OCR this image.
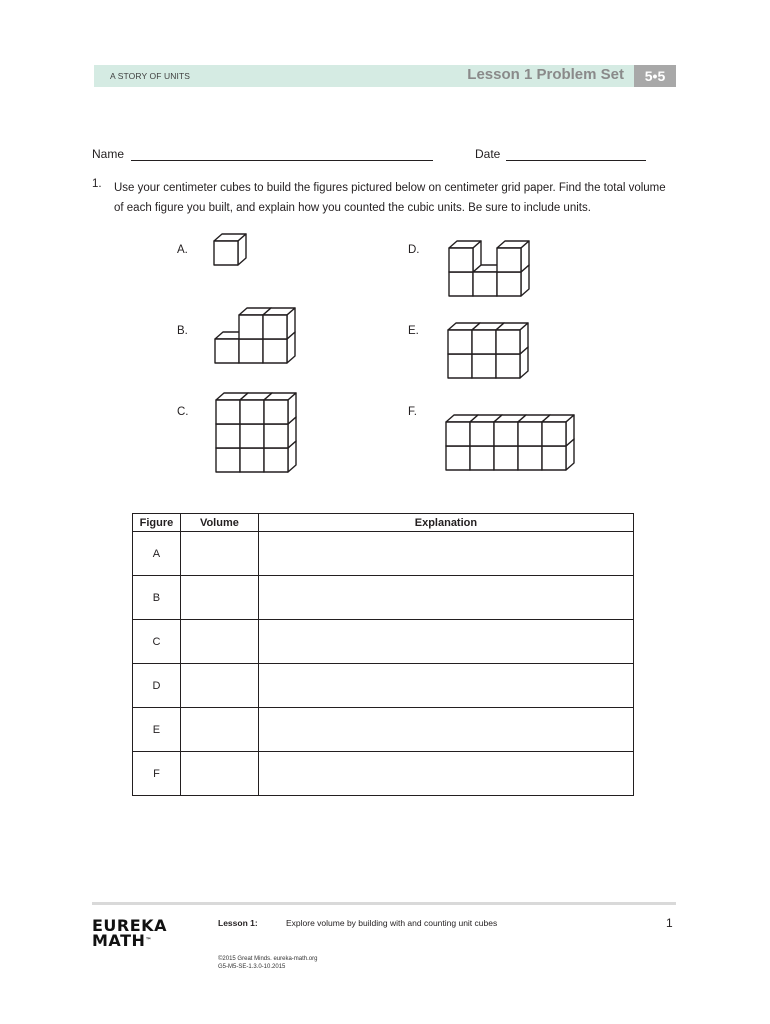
A STORY OF UNITS	Lesson 1 Problem Set	5•5
Name	Date
1. Use your centimeter cubes to build the figures pictured below on centimeter grid paper. Find the total volume of each figure you built, and explain how you counted the cubic units. Be sure to include units.
A.
B.
C.
D.
E.
F.
Figure	Volume	Explanation
A		
B		
C		
D		
E		
F		
EUREKA
MATH™
Lesson 1:	Explore volume by building with and counting unit cubes	1
©2015 Great Minds. eureka-math.org
G5-M5-SE-1.3.0-10.2015
